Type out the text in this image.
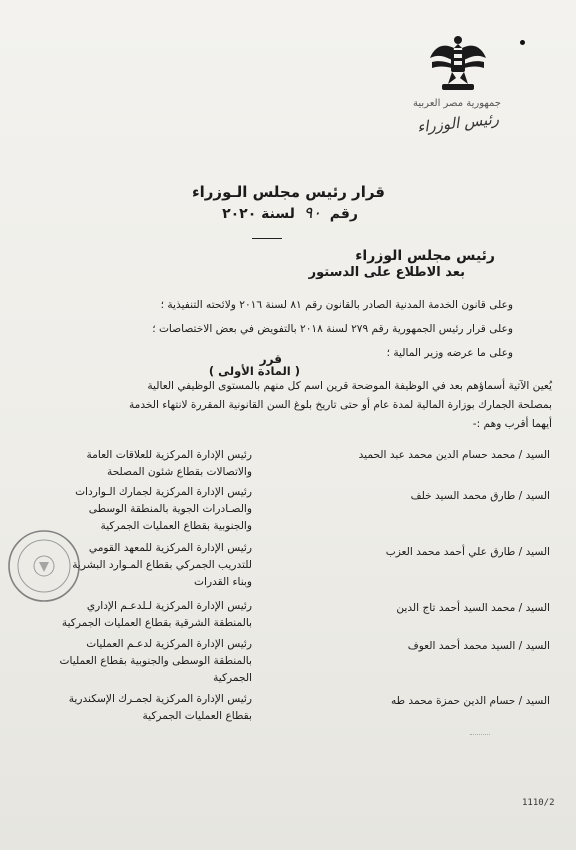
جمهورية مصر العربية
رئيس الوزراء
قرار رئيس مجلس الـوزراء
رقم ٩٠ لسنة ٢٠٢٠
رئيس مجلس الوزراء
بعد الاطلاع على الدستور
وعلى قانون الخدمة المدنية الصادر بالقانون رقم ٨١ لسنة ٢٠١٦ ولائحته التنفيذية ؛
وعلى قرار رئيس الجمهورية رقم ٢٧٩ لسنة ٢٠١٨ بالتفويض في بعض الاختصاصات ؛
وعلى ما عرضه وزير المالية ؛
قرر
( المادة الأولى )
يُعين الآتية أسماؤهم بعد في الوظيفة الموضحة قرين اسم كل منهم بالمستوى الوظيفي العالية
بمصلحة الجمارك بوزارة المالية لمدة عام أو حتى تاريخ بلوغ السن القانونية المقررة لانتهاء الخدمة
أيهما أقرب وهم :-
السيد / محمد حسام الدين محمد عبد الحميد
رئيس الإدارة المركزية للعلاقات العامة
والاتصالات بقطاع شئون المصلحة
السيد / طارق محمد السيد خلف
رئيس الإدارة المركزية لجمارك الـواردات
والصـادرات الجوية بالمنطقة الوسطى
والجنوبية بقطاع العمليات الجمركية
السيد / طارق علي أحمد محمد العزب
رئيس الإدارة المركزية للمعهد القومي
للتدريب الجمركي بقطاع المـوارد البشرية
وبناء القدرات
السيد / محمد السيد أحمد تاج الدين
رئيس الإدارة المركزية لـلدعـم الإداري
بالمنطقة الشرقية بقطاع العمليات الجمركية
السيد / السيد محمد أحمد العوف
رئيس الإدارة المركزية لدعـم العمليات
بالمنطقة الوسطى والجنوبية بقطاع العمليات
الجمركية
السيد / حسام الدين حمزة محمد طه
رئيس الإدارة المركزية لجمـرك الإسكندرية
بقطاع العمليات الجمركية
1110/2
